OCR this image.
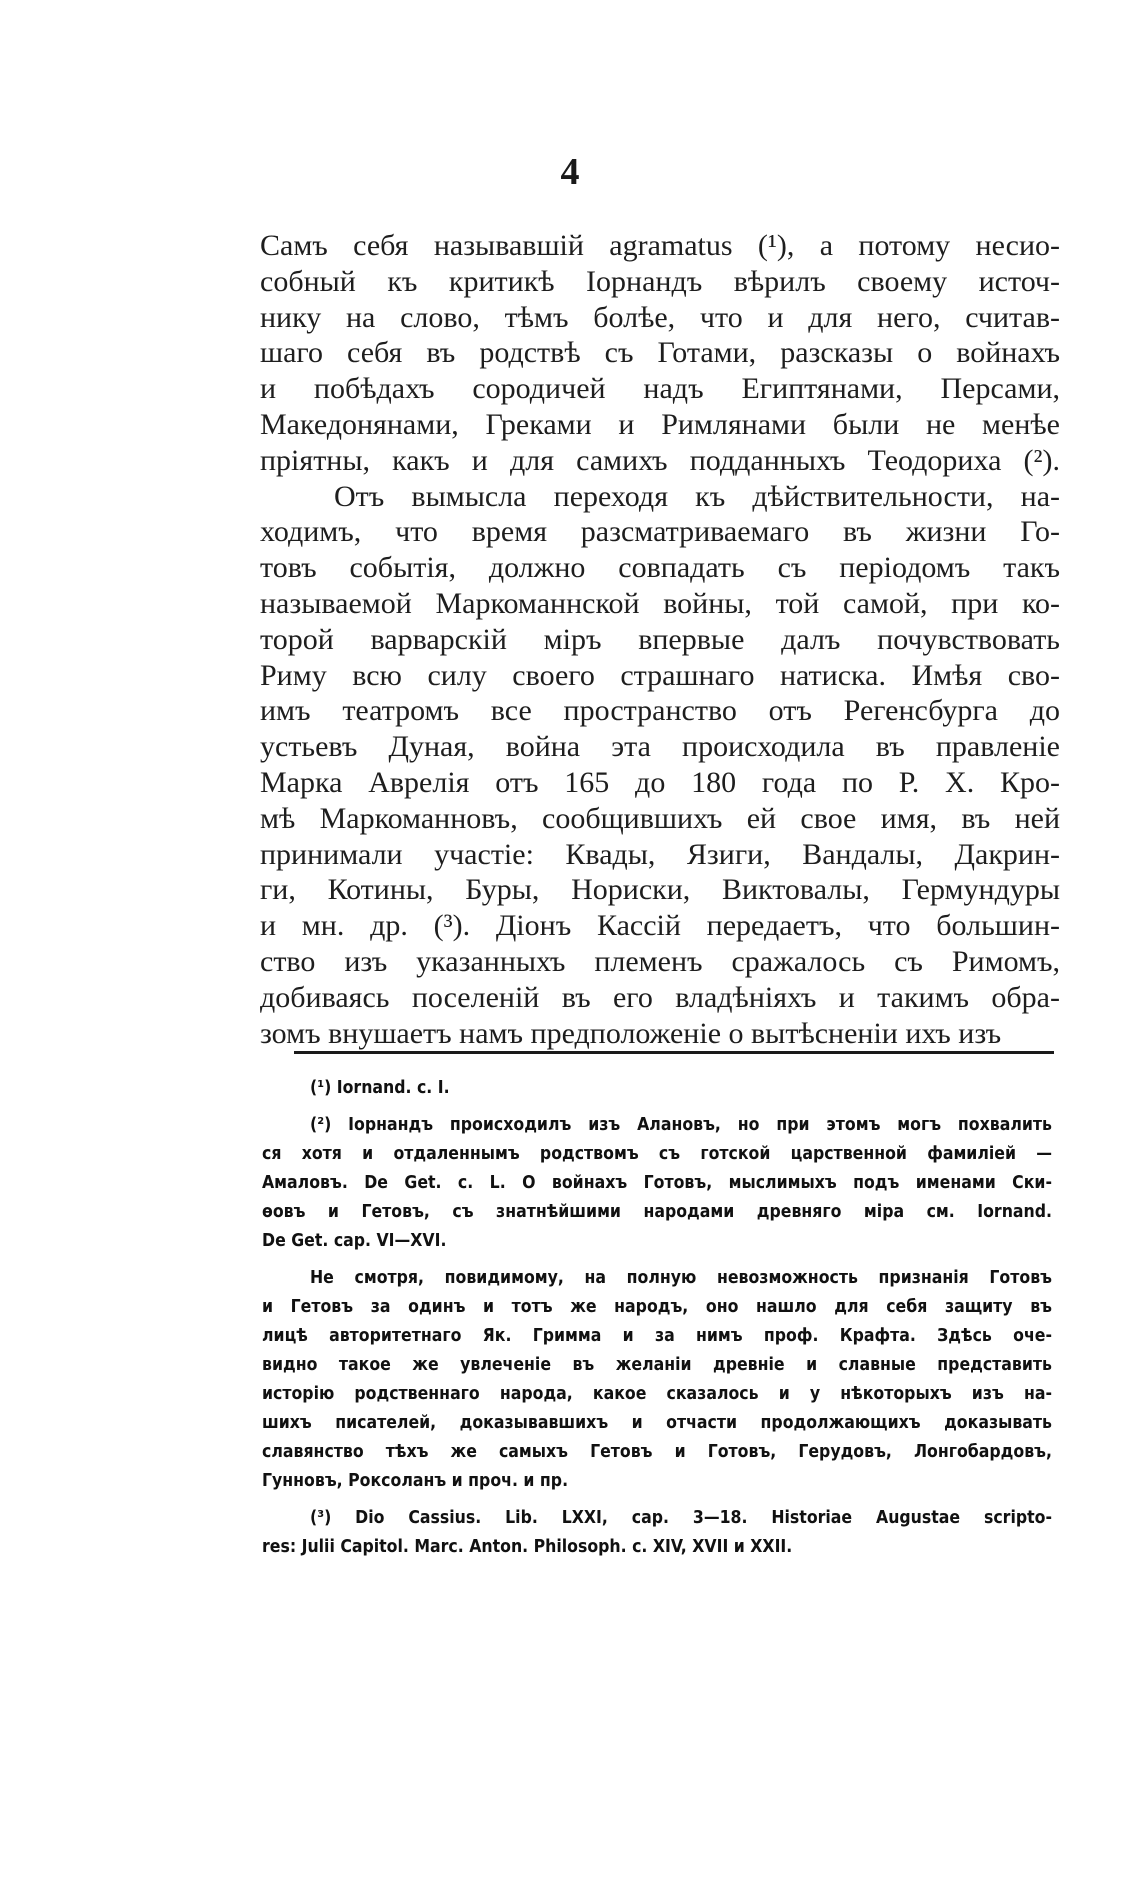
4
Самъ себя называвшій agramatus (¹), а потому несио-
собный къ критикѣ Іорнандъ вѣрилъ своему источ-
нику на слово, тѣмъ болѣе, что и для него, считав-
шаго себя въ родствѣ съ Готами, разсказы о войнахъ
и побѣдахъ сородичей надъ Египтянами, Персами,
Македонянами, Греками и Римлянами были не менѣе
пріятны, какъ и для самихъ подданныхъ Теодориха (²).
Отъ вымысла переходя къ дѣйствительности, на-
ходимъ, что время разсматриваемаго въ жизни Го-
товъ событія, должно совпадать съ періодомъ такъ
называемой Маркоманнской войны, той самой, при ко-
торой варварскій міръ впервые далъ почувствовать
Риму всю силу своего страшнаго натиска. Имѣя сво-
имъ театромъ все пространство отъ Регенсбурга до
устьевъ Дуная, война эта происходила въ правленіе
Марка Аврелія отъ 165 до 180 года по Р. Х. Кро-
мѣ Маркоманновъ, сообщившихъ ей свое имя, въ ней
принимали участіе: Квады, Язиги, Вандалы, Дакрин-
ги, Котины, Буры, Нориски, Виктовалы, Гермундуры
и мн. др. (³). Діонъ Кассій передаетъ, что большин-
ство изъ указанныхъ племенъ сражалось съ Римомъ,
добиваясь поселеній въ его владѣніяхъ и такимъ обра-
зомъ внушаетъ намъ предположеніе о вытѣсненіи ихъ изъ
(¹) Iornand. c. I.
(²) Іорнандъ происходилъ изъ Алановъ, но при этомъ могъ похвалить
ся хотя и отдаленнымъ родствомъ съ готской царственной фамиліей —
Амаловъ. De Get. c. L. О войнахъ Готовъ, мыслимыхъ подъ именами Ски-
ѳовъ и Гетовъ, съ знатнѣйшими народами древняго міра см. Iornand.
De Get. cap. VI—XVI.
Не смотря, повидимому, на полную невозможность признанія Готовъ
и Гетовъ за одинъ и тотъ же народъ, оно нашло для себя защиту въ
лицѣ авторитетнаго Як. Гримма и за нимъ проф. Крафта. Здѣсь оче-
видно такое же увлеченіе въ желаніи древніе и славные представить
исторію родственнаго народа, какое сказалось и у нѣкоторыхъ изъ на-
шихъ писателей, доказывавшихъ и отчасти продолжающихъ доказывать
славянство тѣхъ же самыхъ Гетовъ и Готовъ, Герудовъ, Лонгобардовъ,
Гунновъ, Роксоланъ и проч. и пр.
(³) Dio Cassius. Lib. LXXI, cap. 3—18. Historiae Augustae scripto-
res: Julii Capitol. Marc. Anton. Philosoph. c. XIV, XVII и XXII.
